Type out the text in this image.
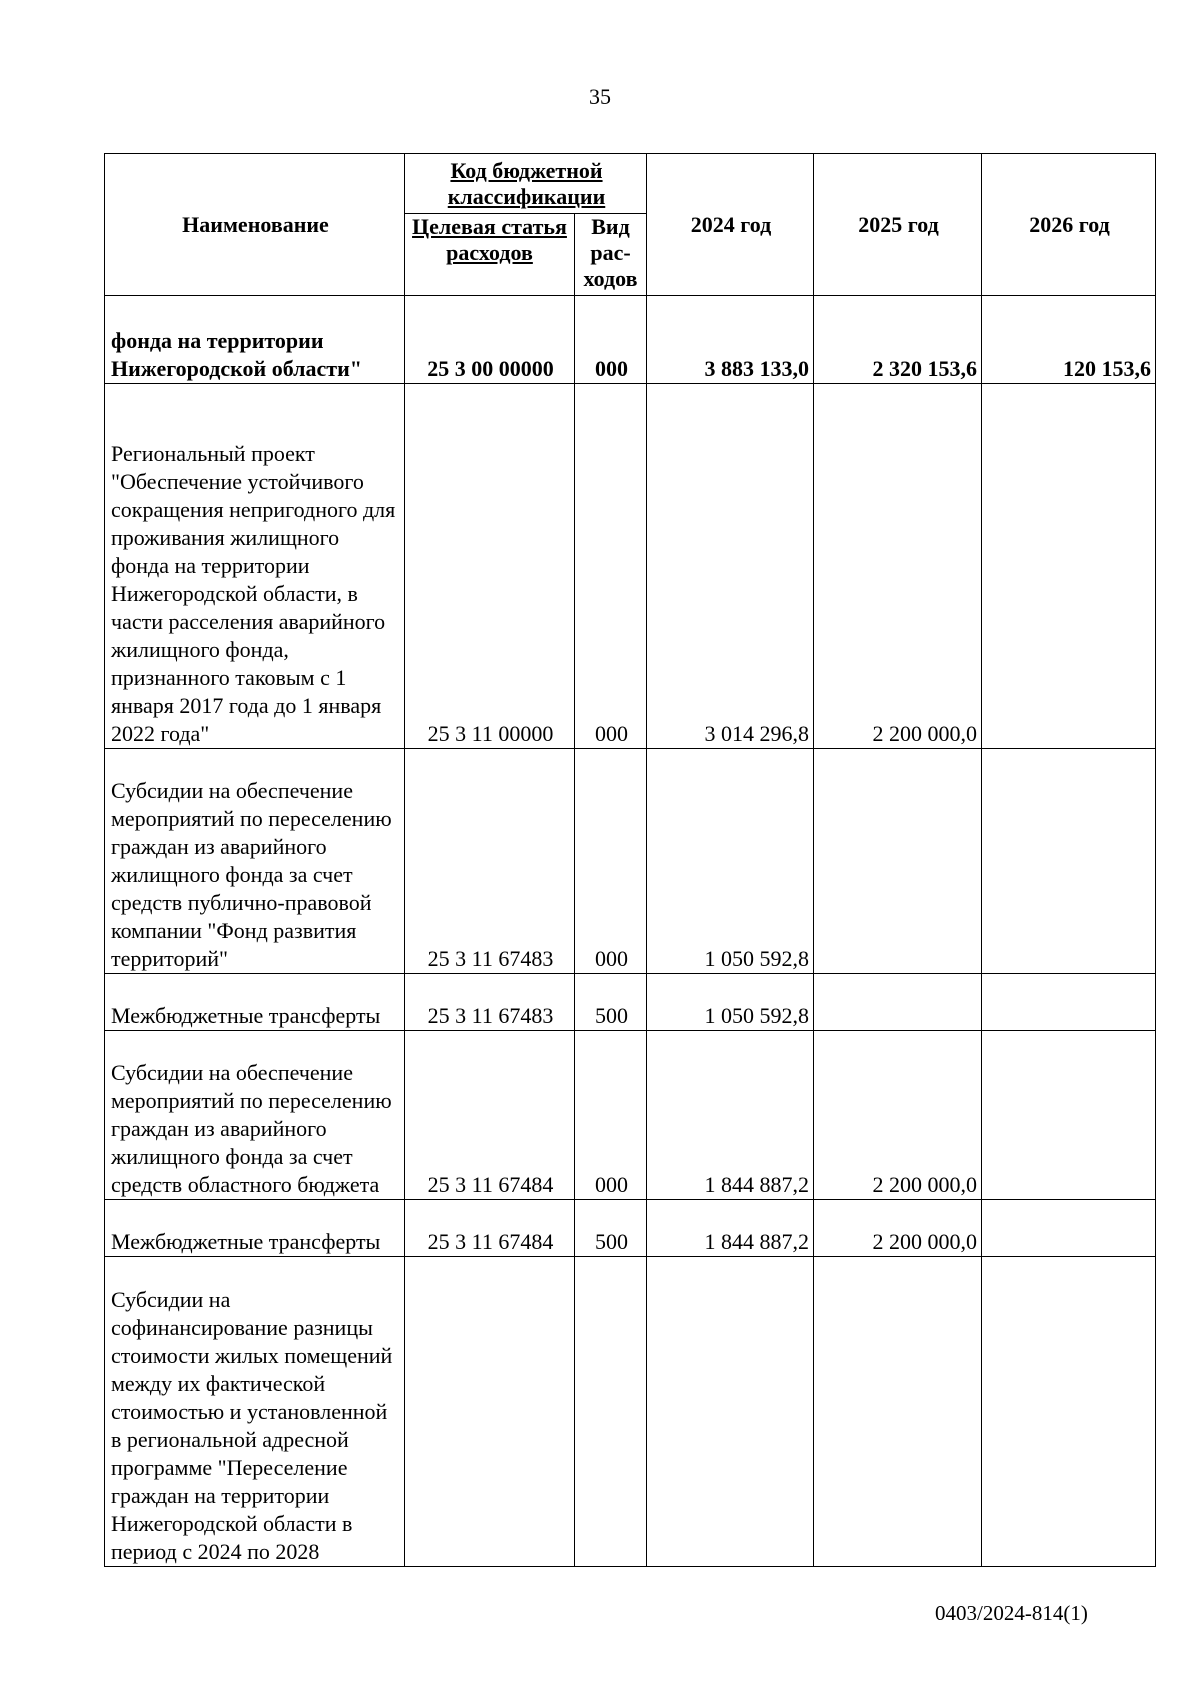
35
Наименование	Код бюджетной классификации		2024 год	2025 год	2026 год
	Целевая статья расходов	Вид рас-ходов			
фонда на территории Нижегородской области"	25 3 00 00000	000	3 883 133,0	2 320 153,6	120 153,6
Региональный проект "Обеспечение устойчивого сокращения непригодного для проживания жилищного фонда на территории Нижегородской области, в части расселения аварийного жилищного фонда, признанного таковым с 1 января 2017 года до 1 января 2022 года"	25 3 11 00000	000	3 014 296,8	2 200 000,0	
Субсидии на обеспечение мероприятий по переселению граждан из аварийного жилищного фонда за счет средств публично-правовой компании "Фонд развития территорий"	25 3 11 67483	000	1 050 592,8		
Межбюджетные трансферты	25 3 11 67483	500	1 050 592,8		
Субсидии на обеспечение мероприятий по переселению граждан из аварийного жилищного фонда за счет средств областного бюджета	25 3 11 67484	000	1 844 887,2	2 200 000,0	
Межбюджетные трансферты	25 3 11 67484	500	1 844 887,2	2 200 000,0	
Субсидии на софинансирование разницы стоимости жилых помещений между их фактической стоимостью и установленной в региональной адресной программе "Переселение граждан на территории Нижегородской области в период с 2024 по 2028					
0403/2024-814(1)
